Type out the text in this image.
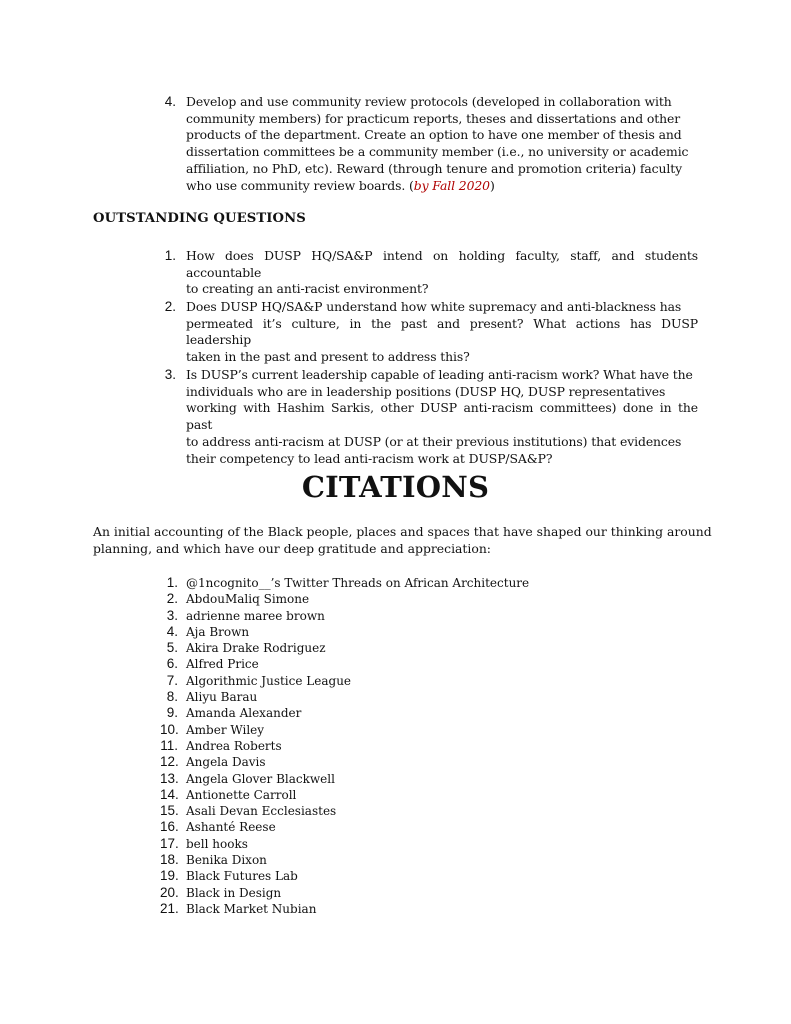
4. Develop and use community review protocols (developed in collaboration with
community members) for practicum reports, theses and dissertations and other
products of the department. Create an option to have one member of thesis and
dissertation committees be a community member (i.e., no university or academic
affiliation, no PhD, etc). Reward (through tenure and promotion criteria) faculty
who use community review boards. (by Fall 2020)
OUTSTANDING QUESTIONS
1. How does DUSP HQ/SA&P intend on holding faculty, staff, and students accountable
to creating an anti-racist environment?
2. Does DUSP HQ/SA&P understand how white supremacy and anti-blackness has
permeated it’s culture, in the past and present? What actions has DUSP leadership
taken in the past and present to address this?
3. Is DUSP’s current leadership capable of leading anti-racism work? What have the
individuals who are in leadership positions (DUSP HQ, DUSP representatives
working with Hashim Sarkis, other DUSP anti-racism committees) done in the past
to address anti-racism at DUSP (or at their previous institutions) that evidences
their competency to lead anti-racism work at DUSP/SA&P?
CITATIONS
An initial accounting of the Black people, places and spaces that have shaped our thinking around
planning, and which have our deep gratitude and appreciation:
1. @1ncognito__’s Twitter Threads on African Architecture
2. AbdouMaliq Simone
3. adrienne maree brown
4. Aja Brown
5. Akira Drake Rodriguez
6. Alfred Price
7. Algorithmic Justice League
8. Aliyu Barau
9. Amanda Alexander
10. Amber Wiley
11. Andrea Roberts
12. Angela Davis
13. Angela Glover Blackwell
14. Antionette Carroll
15. Asali Devan Ecclesiastes
16. Ashanté Reese
17. bell hooks
18. Benika Dixon
19. Black Futures Lab
20. Black in Design
21. Black Market Nubian
